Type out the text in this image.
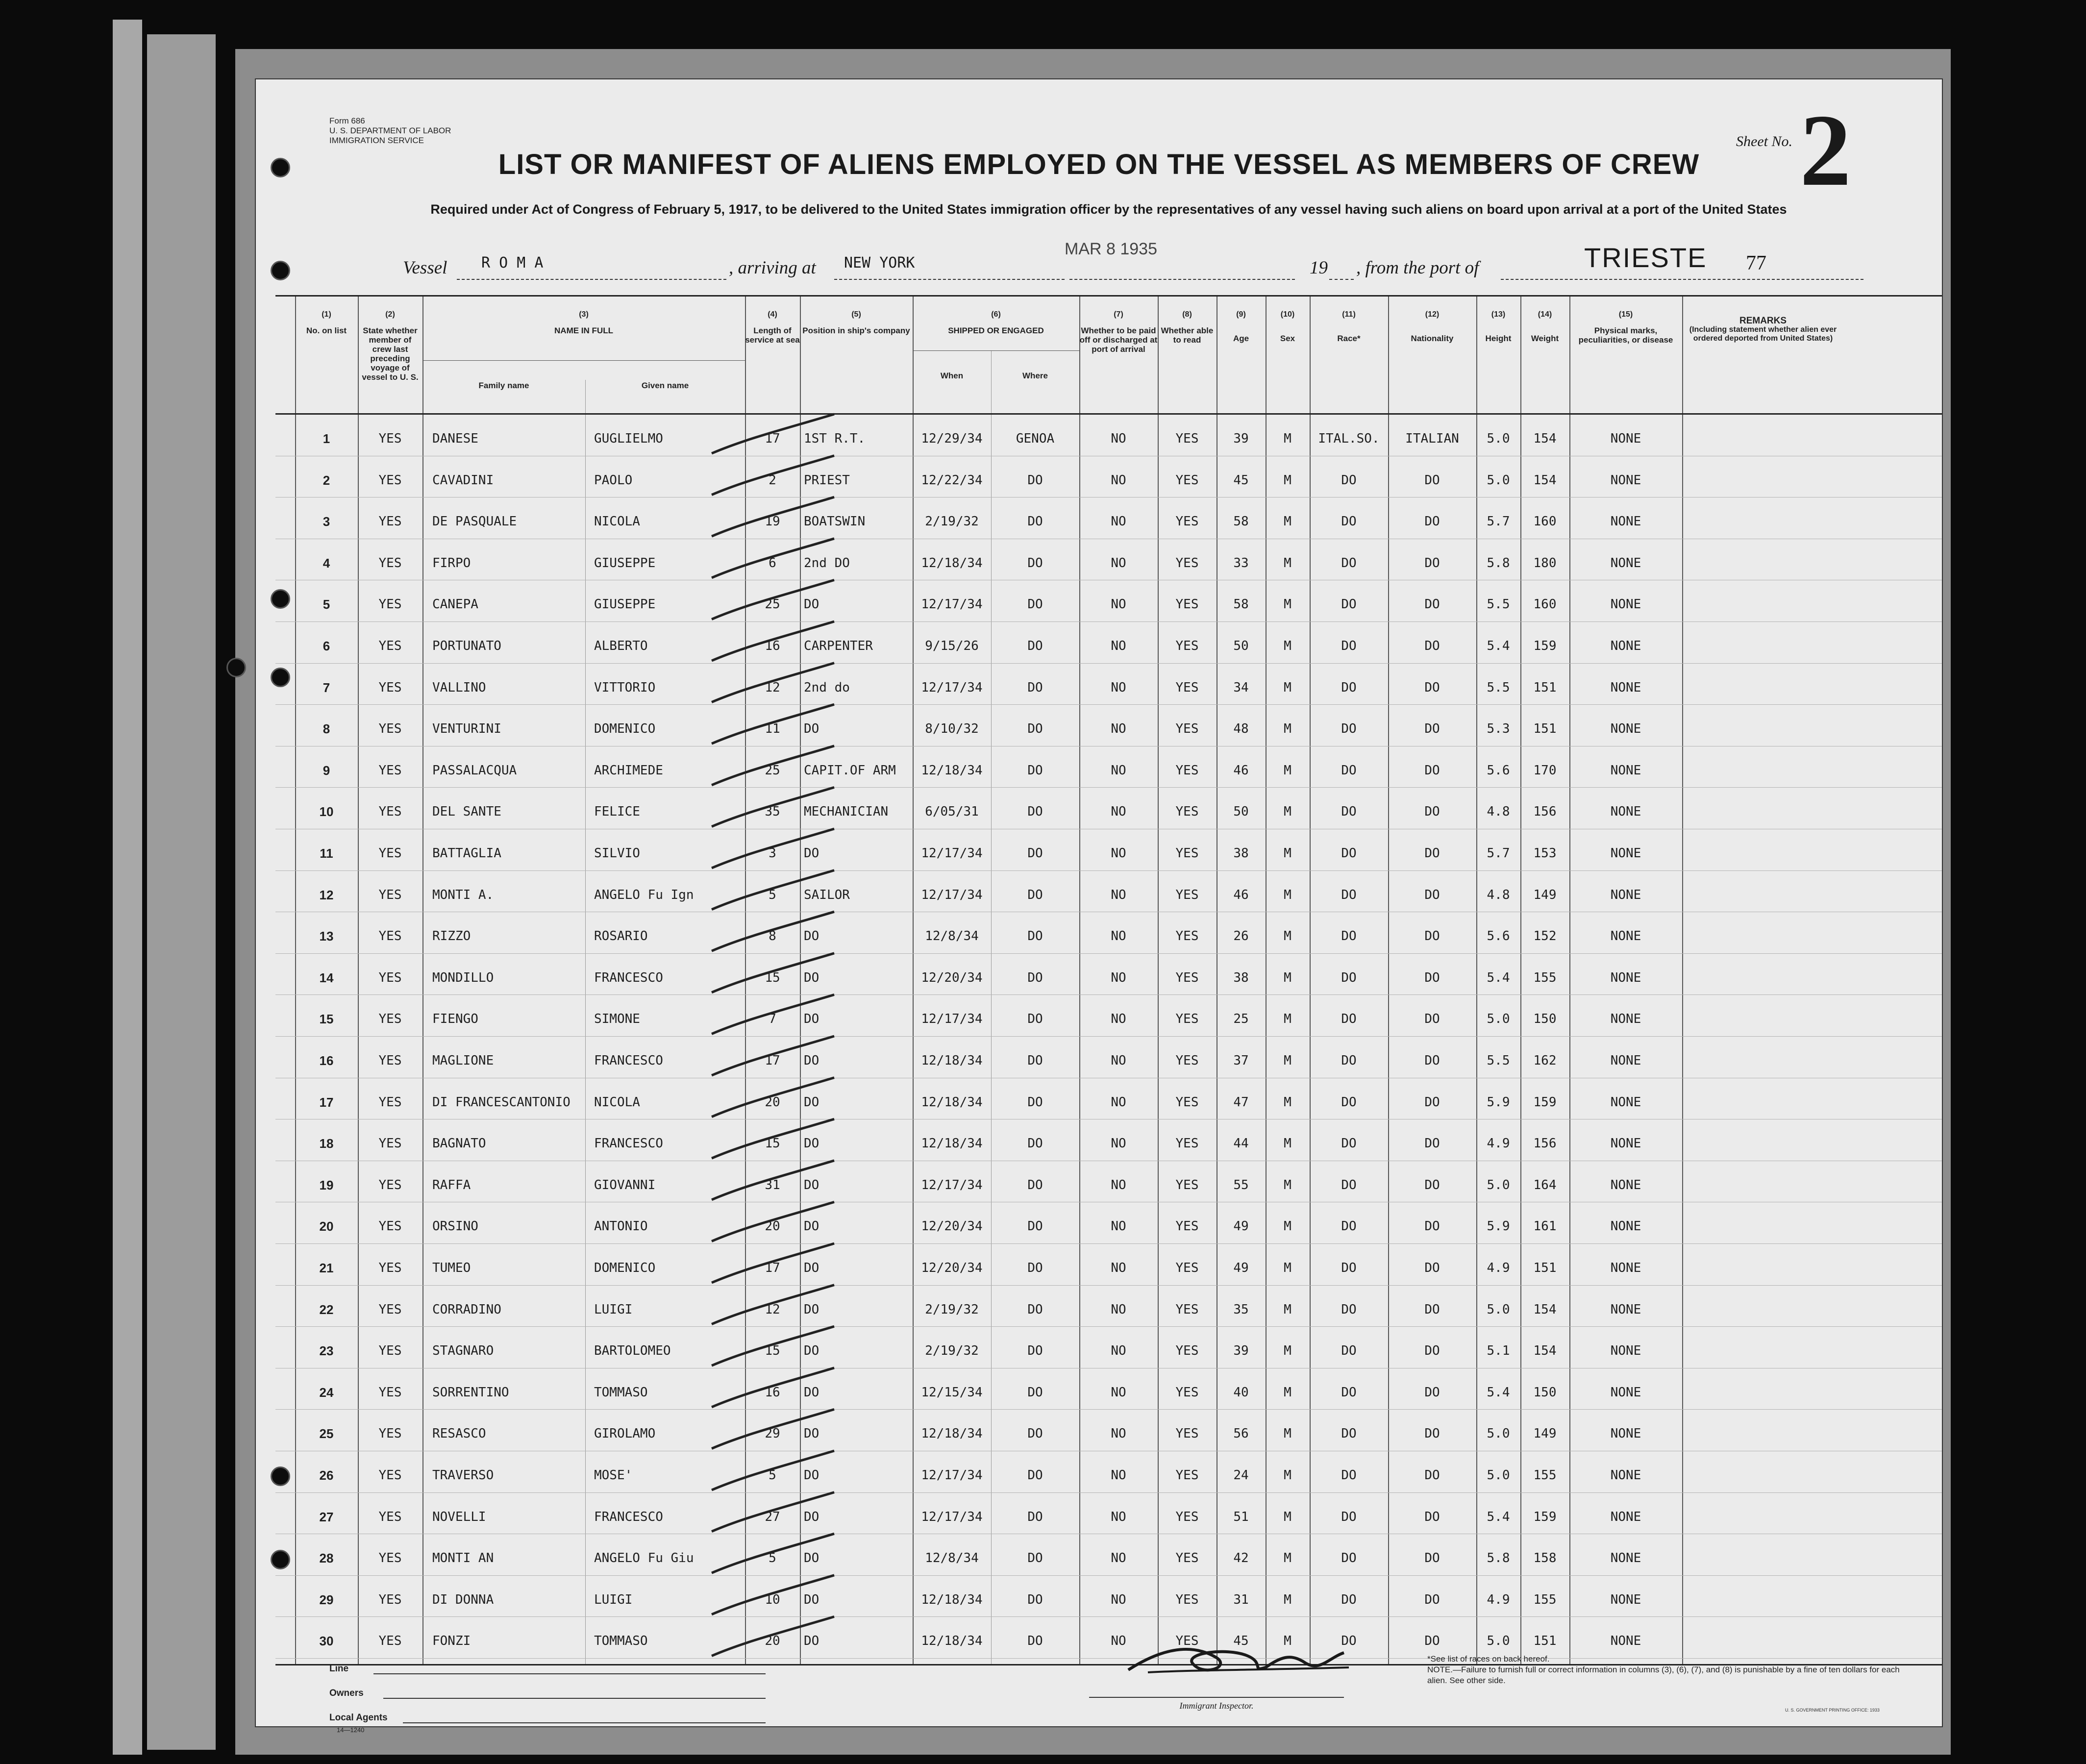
Form 686
U. S. DEPARTMENT OF LABOR
IMMIGRATION SERVICE	Sheet No. 2
LIST OR MANIFEST OF ALIENS EMPLOYED ON THE VESSEL AS MEMBERS OF CREW
Required under Act of Congress of February 5, 1917, to be delivered to the United States immigration officer by the representatives of any vessel having such aliens on board upon arrival at a port of the United States
Vessel R O M A	, arriving at NEW YORK
MAR 8 1935
19 , from the port of	TRIESTE 77
(1)
No. on list
(2)
State whether member of crew last preceding voyage of vessel to U. S.
(3)
NAME IN FULL
Family name	Given name
(4)
Length of service at sea
(5)
Position in ship's company
(6)
SHIPPED OR ENGAGED
When	Where
(7)
Whether to be paid off or discharged at port of arrival
(8)
Whether able to read
(9)
Age
(10)
Sex
(11)
Race*
(12)
Nationality
(13)
Height
(14)
Weight
(15)
Physical marks, peculiarities, or disease
REMARKS
(Including statement whether alien ever ordered deported from United States)
1	YES	DANESE	GUGLIELMO	17	1ST R.T.	12/29/34	GENOA	NO	YES	39	M	ITAL.SO.	ITALIAN	5.0	154	NONE
2	YES	CAVADINI	PAOLO	2	PRIEST	12/22/34	DO	NO	YES	45	M	DO	DO	5.0	154	NONE
3	YES	DE PASQUALE	NICOLA	19	BOATSWIN	2/19/32	DO	NO	YES	58	M	DO	DO	5.7	160	NONE
4	YES	FIRPO	GIUSEPPE	6	2nd DO	12/18/34	DO	NO	YES	33	M	DO	DO	5.8	180	NONE
5	YES	CANEPA	GIUSEPPE	25	DO	12/17/34	DO	NO	YES	58	M	DO	DO	5.5	160	NONE
6	YES	PORTUNATO	ALBERTO	16	CARPENTER	9/15/26	DO	NO	YES	50	M	DO	DO	5.4	159	NONE
7	YES	VALLINO	VITTORIO	12	2nd do	12/17/34	DO	NO	YES	34	M	DO	DO	5.5	151	NONE
8	YES	VENTURINI	DOMENICO	11	DO	8/10/32	DO	NO	YES	48	M	DO	DO	5.3	151	NONE
9	YES	PASSALACQUA	ARCHIMEDE	25	CAPIT.OF ARM	12/18/34	DO	NO	YES	46	M	DO	DO	5.6	170	NONE
10	YES	DEL SANTE	FELICE	35	MECHANICIAN	6/05/31	DO	NO	YES	50	M	DO	DO	4.8	156	NONE
11	YES	BATTAGLIA	SILVIO	3	DO	12/17/34	DO	NO	YES	38	M	DO	DO	5.7	153	NONE
12	YES	MONTI A.	ANGELO Fu Ign	5	SAILOR	12/17/34	DO	NO	YES	46	M	DO	DO	4.8	149	NONE
13	YES	RIZZO	ROSARIO	8	DO	12/8/34	DO	NO	YES	26	M	DO	DO	5.6	152	NONE
14	YES	MONDILLO	FRANCESCO	15	DO	12/20/34	DO	NO	YES	38	M	DO	DO	5.4	155	NONE
15	YES	FIENGO	SIMONE	7	DO	12/17/34	DO	NO	YES	25	M	DO	DO	5.0	150	NONE
16	YES	MAGLIONE	FRANCESCO	17	DO	12/18/34	DO	NO	YES	37	M	DO	DO	5.5	162	NONE
17	YES	DI FRANCESCANTONIO	NICOLA	20	DO	12/18/34	DO	NO	YES	47	M	DO	DO	5.9	159	NONE
18	YES	BAGNATO	FRANCESCO	15	DO	12/18/34	DO	NO	YES	44	M	DO	DO	4.9	156	NONE
19	YES	RAFFA	GIOVANNI	31	DO	12/17/34	DO	NO	YES	55	M	DO	DO	5.0	164	NONE
20	YES	ORSINO	ANTONIO	20	DO	12/20/34	DO	NO	YES	49	M	DO	DO	5.9	161	NONE
21	YES	TUMEO	DOMENICO	17	DO	12/20/34	DO	NO	YES	49	M	DO	DO	4.9	151	NONE
22	YES	CORRADINO	LUIGI	12	DO	2/19/32	DO	NO	YES	35	M	DO	DO	5.0	154	NONE
23	YES	STAGNARO	BARTOLOMEO	15	DO	2/19/32	DO	NO	YES	39	M	DO	DO	5.1	154	NONE
24	YES	SORRENTINO	TOMMASO	16	DO	12/15/34	DO	NO	YES	40	M	DO	DO	5.4	150	NONE
25	YES	RESASCO	GIROLAMO	29	DO	12/18/34	DO	NO	YES	56	M	DO	DO	5.0	149	NONE
26	YES	TRAVERSO	MOSE'	5	DO	12/17/34	DO	NO	YES	24	M	DO	DO	5.0	155	NONE
27	YES	NOVELLI	FRANCESCO	27	DO	12/17/34	DO	NO	YES	51	M	DO	DO	5.4	159	NONE
28	YES	MONTI AN	ANGELO Fu Giu	5	DO	12/8/34	DO	NO	YES	42	M	DO	DO	5.8	158	NONE
29	YES	DI DONNA	LUIGI	10	DO	12/18/34	DO	NO	YES	31	M	DO	DO	4.9	155	NONE
30	YES	FONZI	TOMMASO	20	DO	12/18/34	DO	NO	YES	45	M	DO	DO	5.0	151	NONE
Line
Owners
Local Agents
14—1240
Immigrant Inspector.
*See list of races on back hereof.
NOTE.—Failure to furnish full or correct information in columns (3), (6), (7), and (8) is punishable by a fine of ten dollars for each alien. See other side.
U. S. GOVERNMENT PRINTING OFFICE: 1933
